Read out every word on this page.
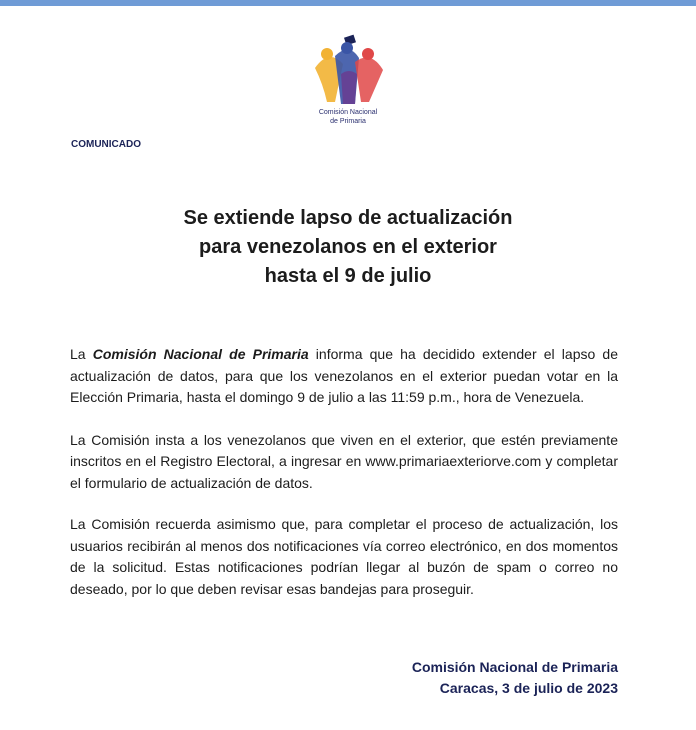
Comisión Nacional
de Primaria
COMUNICADO
Se extiende lapso de actualización
para venezolanos en el exterior
hasta el 9 de julio

La Comisión Nacional de Primaria informa que ha decidido extender el lapso de actualización de datos, para que los venezolanos en el exterior puedan votar en la Elección Primaria, hasta el domingo 9 de julio a las 11:59 p.m., hora de Venezuela.

La Comisión insta a los venezolanos que viven en el exterior, que estén previamente inscritos en el Registro Electoral, a ingresar en www.primariaexteriorve.com y completar el formulario de actualización de datos.

La Comisión recuerda asimismo que, para completar el proceso de actualización, los usuarios recibirán al menos dos notificaciones vía correo electrónico, en dos momentos de la solicitud. Estas notificaciones podrían llegar al buzón de spam o correo no deseado, por lo que deben revisar esas bandejas para proseguir.

Comisión Nacional de Primaria
Caracas, 3 de julio de 2023
